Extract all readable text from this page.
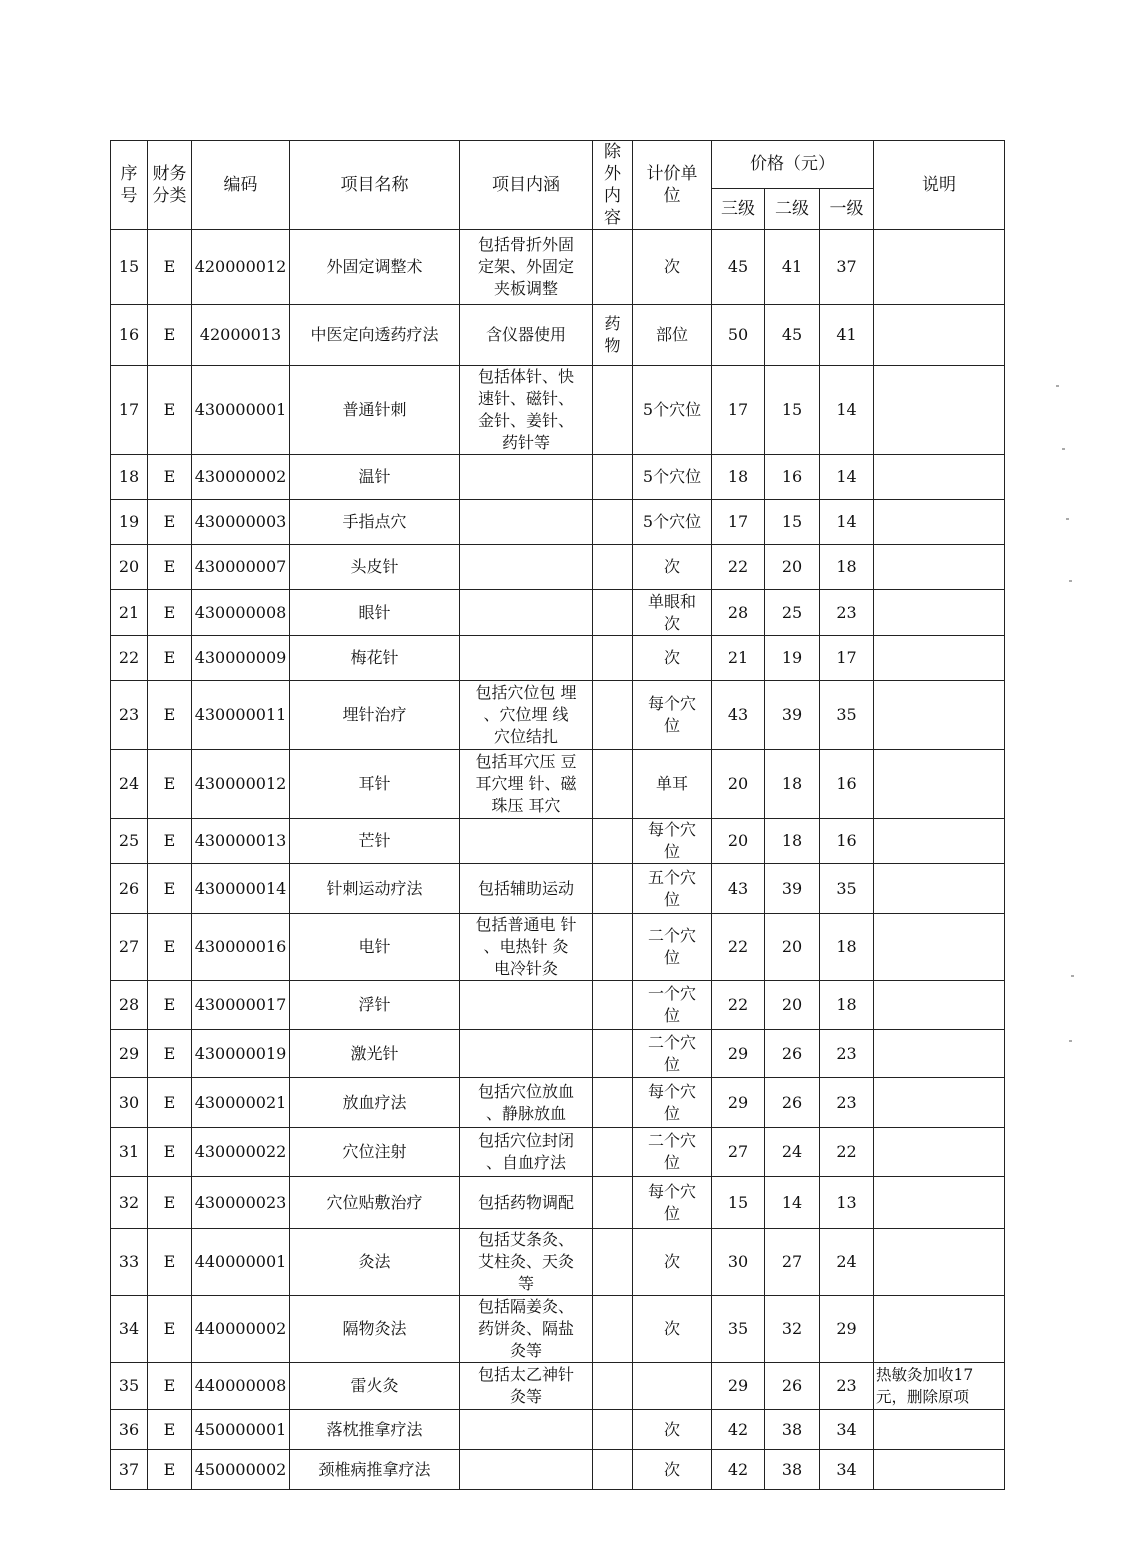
序
号	财务
分类	编码	项目名称	项目内涵	除
外
内
容	计价单
位	价格（元）			说明
							三级	二级	一级	
15	E	420000012	外固定调整术	包括骨折外固
定架、外固定
夹板调整		次	45	41	37	
16	E	42000013	中医定向透药疗法	含仪器使用	药
物	部位	50	45	41	
17	E	430000001	普通针刺	包括体针、快
速针、磁针、
金针、姜针、
药针等		5个穴位	17	15	14	
18	E	430000002	温针			5个穴位	18	16	14	
19	E	430000003	手指点穴			5个穴位	17	15	14	
20	E	430000007	头皮针			次	22	20	18	
21	E	430000008	眼针			单眼和
次	28	25	23	
22	E	430000009	梅花针			次	21	19	17	
23	E	430000011	埋针治疗	包括穴位包 埋
、穴位埋 线
穴位结扎		每个穴
位	43	39	35	
24	E	430000012	耳针	包括耳穴压 豆
耳穴埋 针、磁
珠压 耳穴		单耳	20	18	16	
25	E	430000013	芒针			每个穴
位	20	18	16	
26	E	430000014	针刺运动疗法	包括辅助运动		五个穴
位	43	39	35	
27	E	430000016	电针	包括普通电 针
、电热针 灸
电冷针灸		二个穴
位	22	20	18	
28	E	430000017	浮针			一个穴
位	22	20	18	
29	E	430000019	激光针			二个穴
位	29	26	23	
30	E	430000021	放血疗法	包括穴位放血
、静脉放血		每个穴
位	29	26	23	
31	E	430000022	穴位注射	包括穴位封闭
、自血疗法		二个穴
位	27	24	22	
32	E	430000023	穴位贴敷治疗	包括药物调配		每个穴
位	15	14	13	
33	E	440000001	灸法	包括艾条灸、
艾柱灸、天灸
等		次	30	27	24	
34	E	440000002	隔物灸法	包括隔姜灸、
药饼灸、隔盐
灸等		次	35	32	29	
35	E	440000008	雷火灸	包括太乙神针
灸等			29	26	23	热敏灸加收17
元，删除原项

36	E	450000001	落枕推拿疗法			次	42	38	34	
37	E	450000002	颈椎病推拿疗法			次	42	38	34	
